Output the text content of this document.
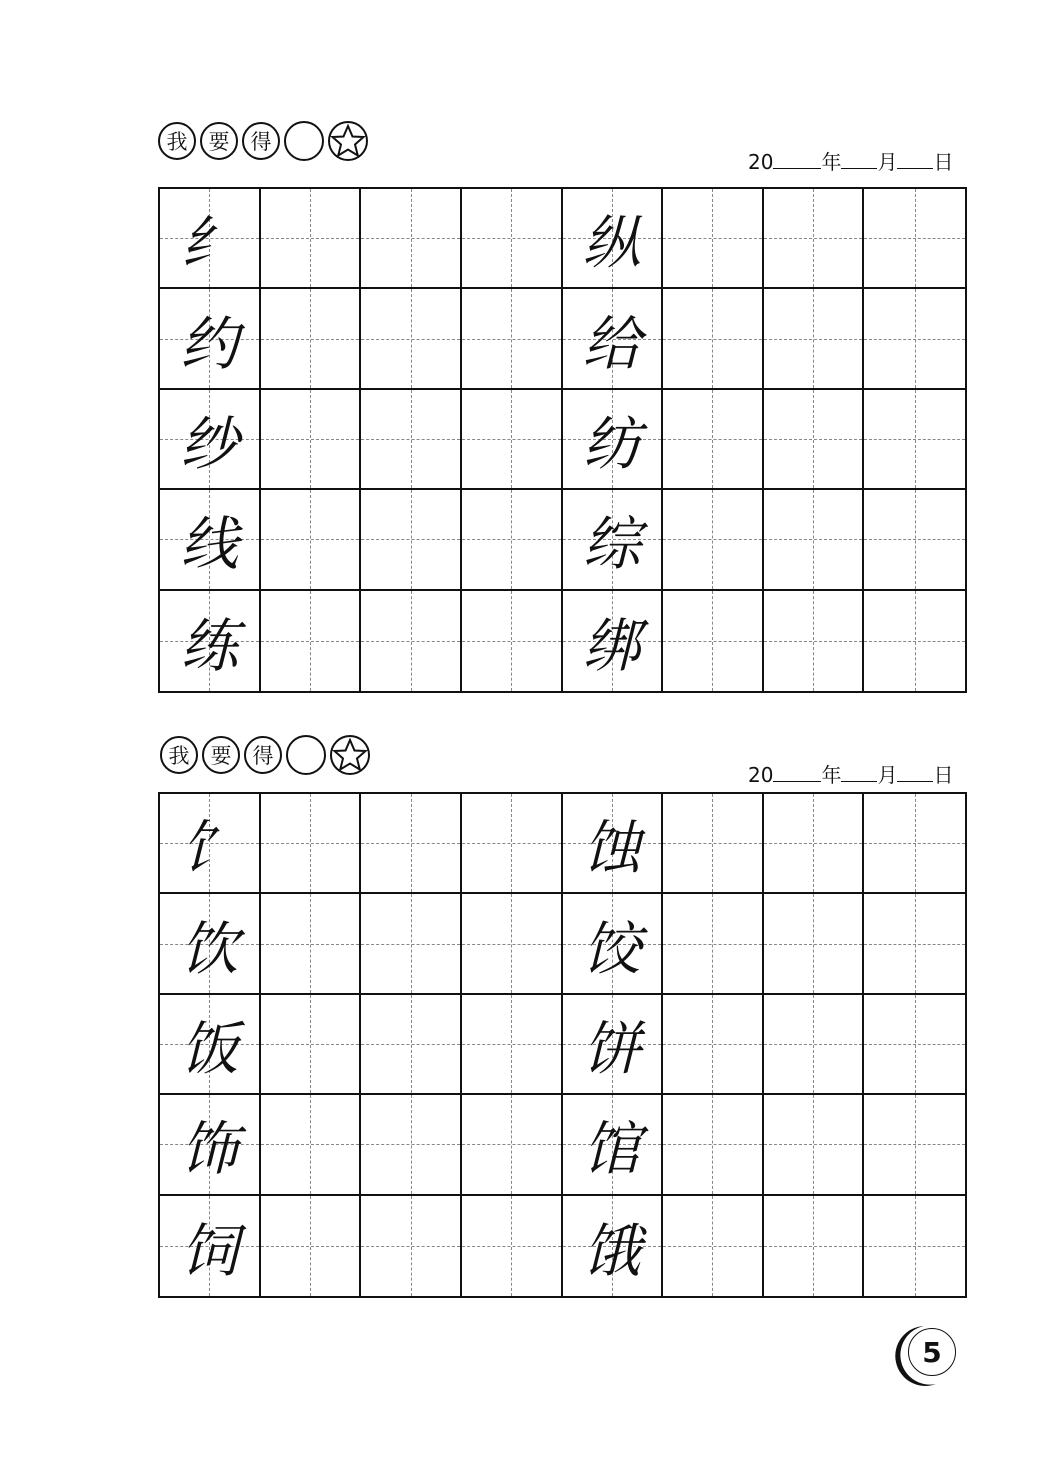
我	要	得
20 年 月 日
纟	纵
约	给
纱	纺
线	综
练	绑
我	要	得
20 年 月 日
饣	蚀
饮	饺
饭	饼
饰	馆
饲	饿
5
